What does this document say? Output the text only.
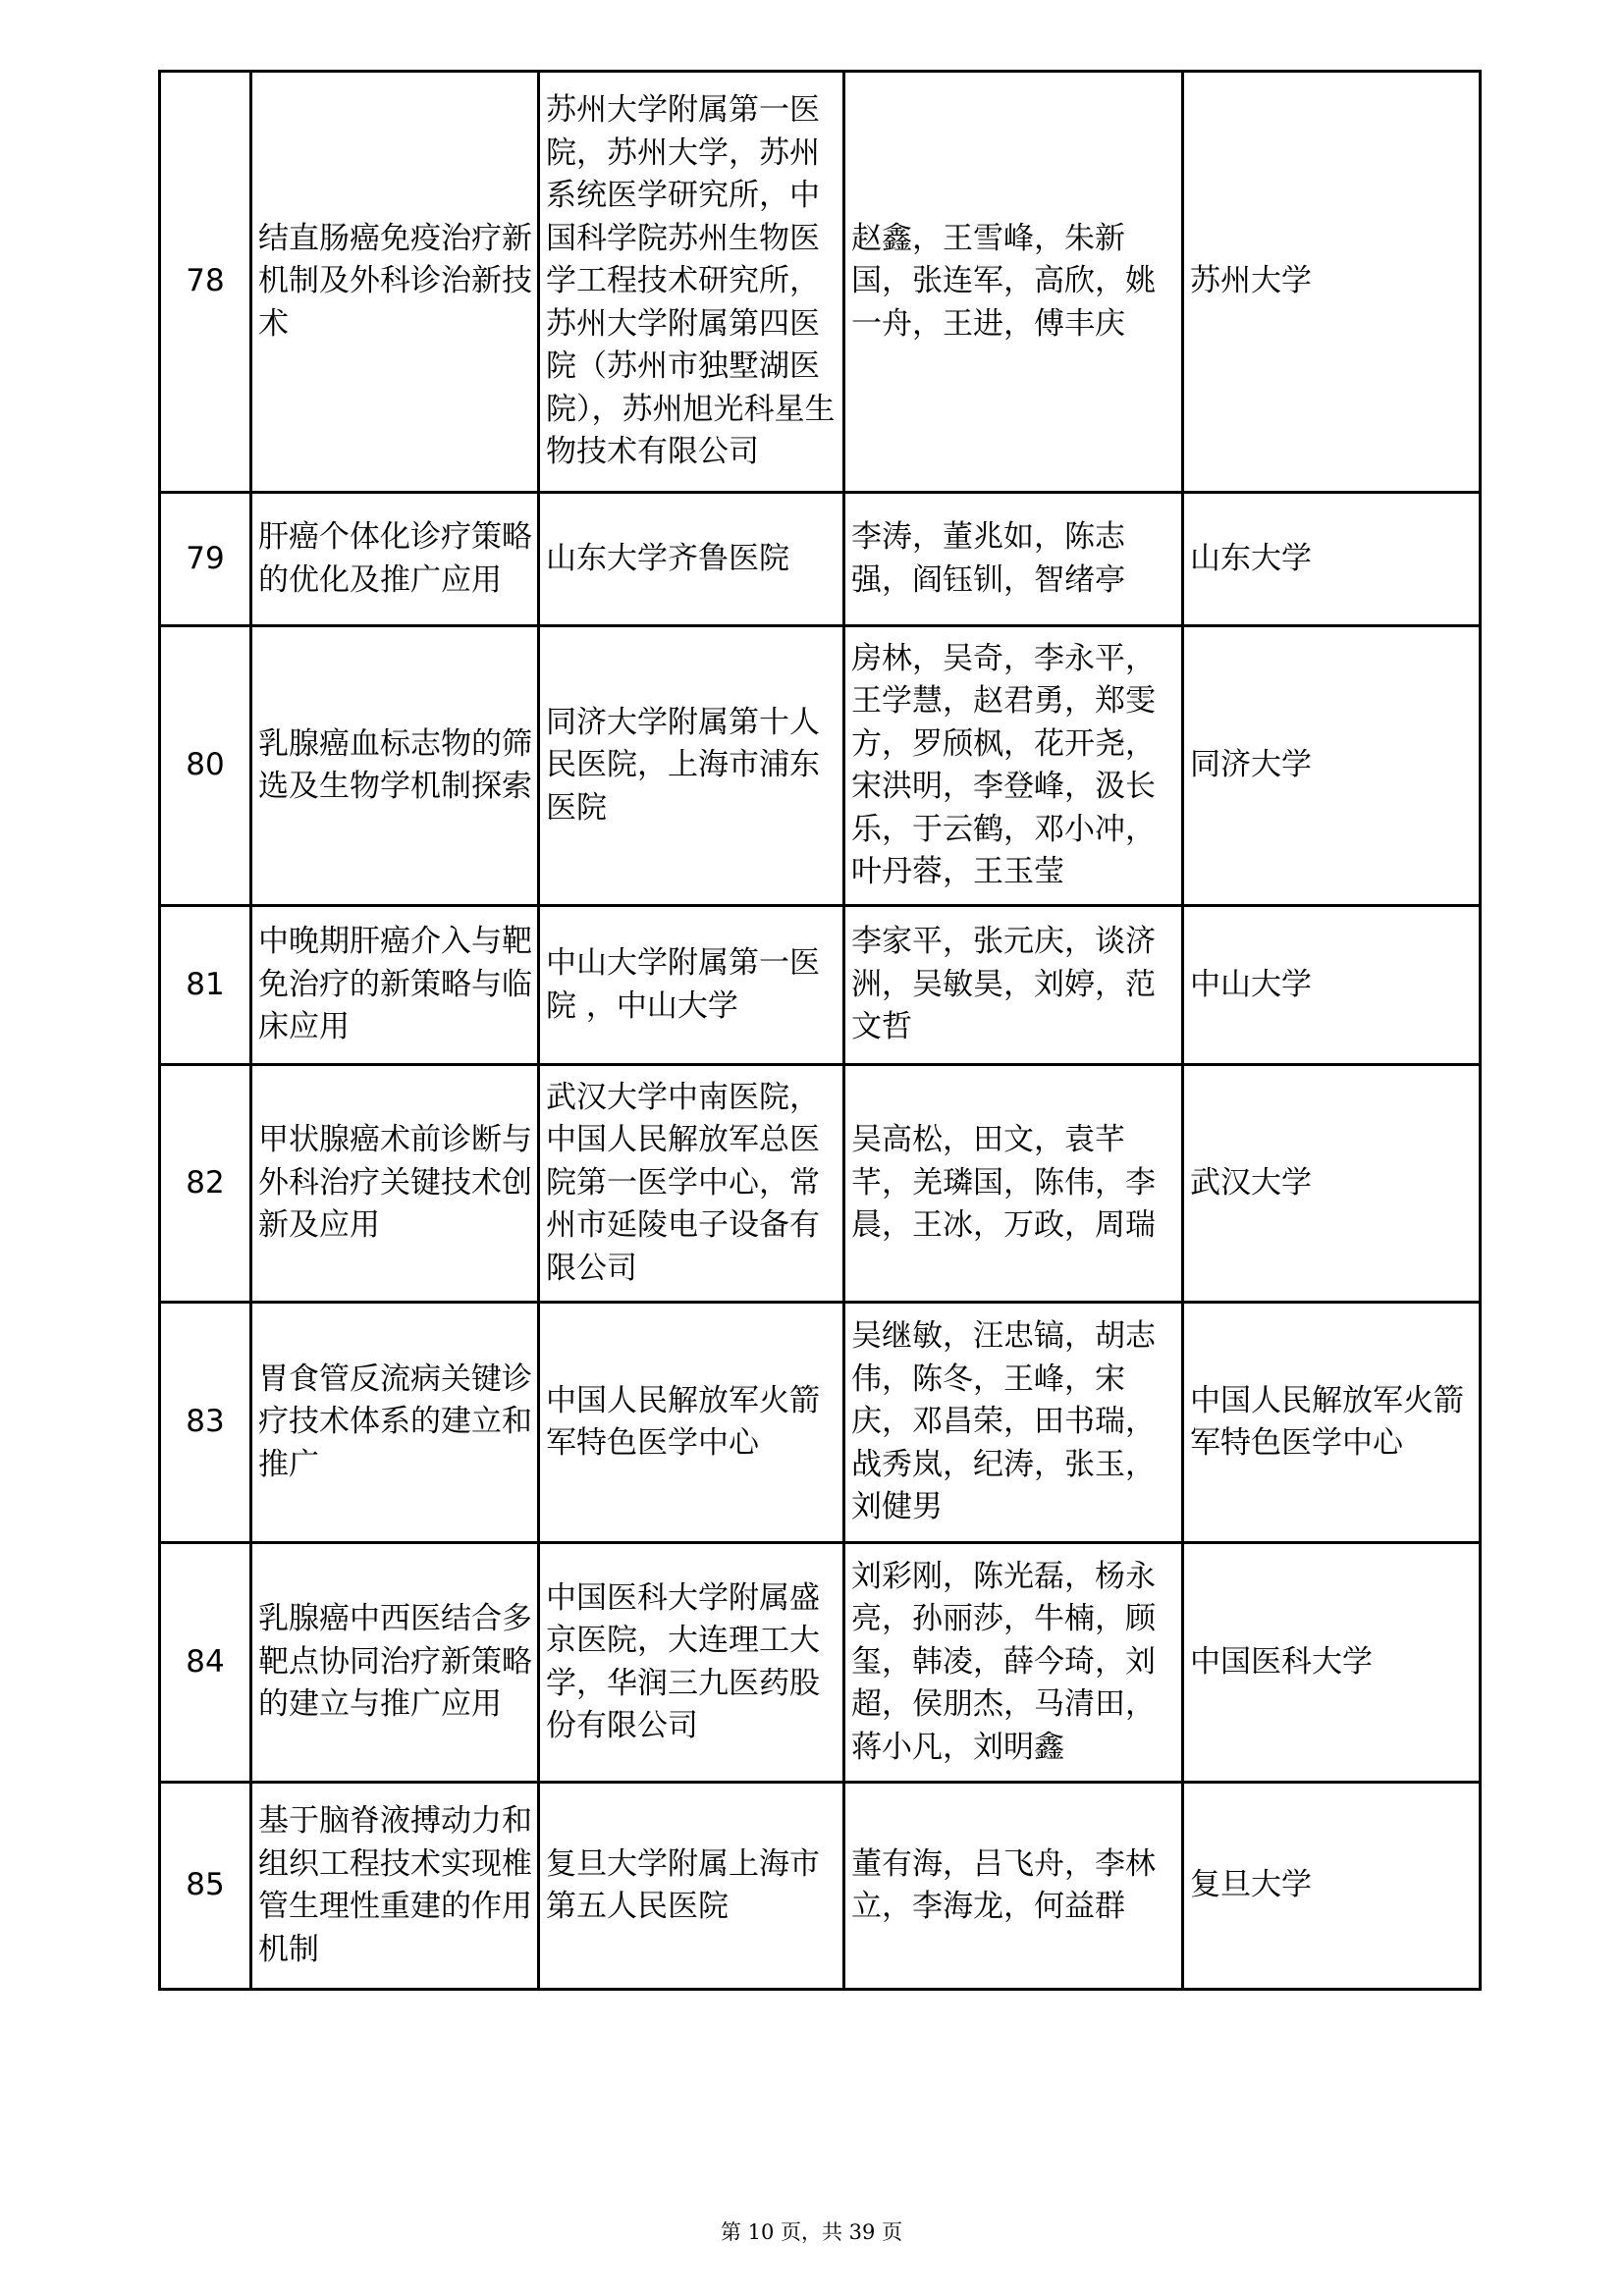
78	结直肠癌免疫治疗新机制及外科诊治新技术	苏州大学附属第一医院，苏州大学，苏州系统医学研究所，中国科学院苏州生物医学工程技术研究所，苏州大学附属第四医院（苏州市独墅湖医院），苏州旭光科星生物技术有限公司	赵鑫，王雪峰，朱新国，张连军，高欣，姚一舟，王进，傅丰庆	苏州大学
79	肝癌个体化诊疗策略的优化及推广应用	山东大学齐鲁医院	李涛，董兆如，陈志强，阎钰钏，智绪亭	山东大学
80	乳腺癌血标志物的筛选及生物学机制探索	同济大学附属第十人民医院，上海市浦东医院	房林，吴奇，李永平，王学慧，赵君勇，郑雯方，罗颀枫，花开尧，宋洪明，李登峰，汲长乐，于云鹤，邓小冲，叶丹蓉，王玉莹	同济大学
81	中晚期肝癌介入与靶免治疗的新策略与临床应用	中山大学附属第一医院 ，中山大学	李家平，张元庆，谈济洲，吴敏昊，刘婷，范文哲	中山大学
82	甲状腺癌术前诊断与外科治疗关键技术创新及应用	武汉大学中南医院，中国人民解放军总医院第一医学中心，常州市延陵电子设备有限公司	吴高松，田文，袁芊芊，羌璘国，陈伟，李晨，王冰，万政，周瑞	武汉大学
83	胃食管反流病关键诊疗技术体系的建立和推广	中国人民解放军火箭军特色医学中心	吴继敏，汪忠镐，胡志伟，陈冬，王峰，宋庆，邓昌荣，田书瑞，战秀岚，纪涛，张玉，刘健男	中国人民解放军火箭军特色医学中心
84	乳腺癌中西医结合多靶点协同治疗新策略的建立与推广应用	中国医科大学附属盛京医院，大连理工大学，华润三九医药股份有限公司	刘彩刚，陈光磊，杨永亮，孙丽莎，牛楠，顾玺，韩凌，薛今琦，刘超，侯朋杰，马清田，蒋小凡，刘明鑫	中国医科大学
85	基于脑脊液搏动力和组织工程技术实现椎管生理性重建的作用机制	复旦大学附属上海市第五人民医院	董有海，吕飞舟，李林立，李海龙，何益群	复旦大学
第 10 页，共 39 页
